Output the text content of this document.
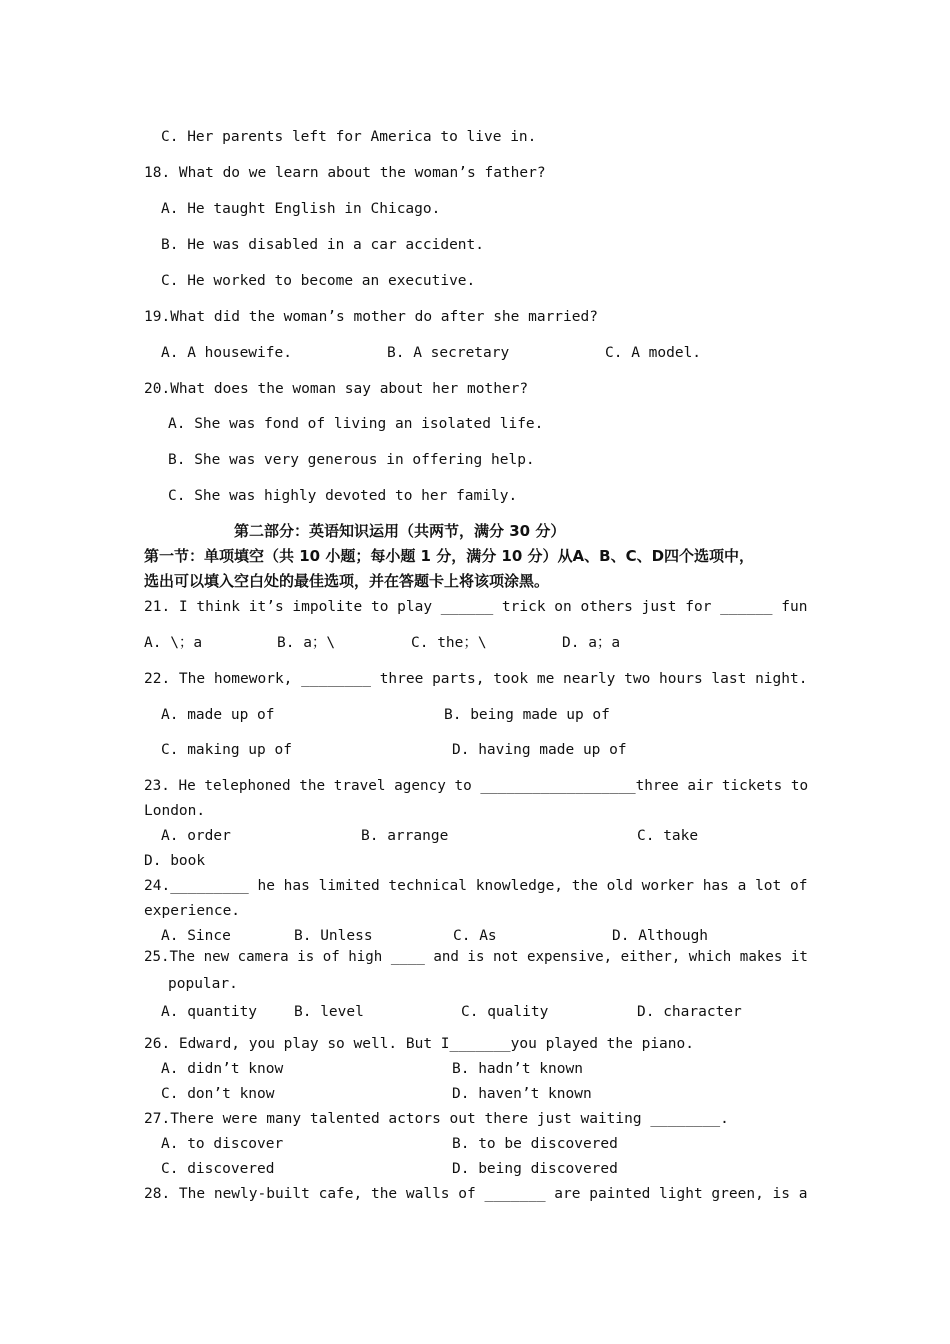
C. Her parents left for America to live in.
18. What do we learn about the woman’s father?
A. He taught English in Chicago.
B. He was disabled in a car accident.
C. He worked to become an executive.
19.What did the woman’s mother do after she married?
A. A housewife.	B. A secretary	C. A model.
20.What does the woman say about her mother?
A. She was fond of living an isolated life.
B. She was very generous in offering help.
C. She was highly devoted to her family.
第二部分：英语知识运用（共两节，满分 30 分）
第一节：单项填空（共 10 小题；每小题 1 分，满分 10 分）从A、B、C、D四个选项中，
选出可以填入空白处的最佳选项，并在答题卡上将该项涂黑。
21. I think it’s impolite to play ______ trick on others just for ______ fun
A. \；a	B. a；\	C. the；\	D. a；a
22. The homework, ________ three parts, took me nearly two hours last night.
A. made up of	B. being made up of
C. making up of	D. having made up of
23. He telephoned the travel agency to __________________three air tickets to
London.
A. order	B. arrange	C. take
D. book
24._________ he has limited technical knowledge, the old worker has a lot of
experience.
A. Since	B. Unless	C. As	D. Although
25.The new camera is of high ____ and is not expensive, either, which makes it
popular.
A. quantity	B. level	C. quality	D. character
26. Edward, you play so well. But I_______you played the piano.
A. didn’t know	B. hadn’t known
C. don’t know	D. haven’t known
27.There were many talented actors out there just waiting ________.
A. to discover	B. to be discovered
C. discovered	D. being discovered
28. The newly-built cafe, the walls of _______ are painted light green, is a
